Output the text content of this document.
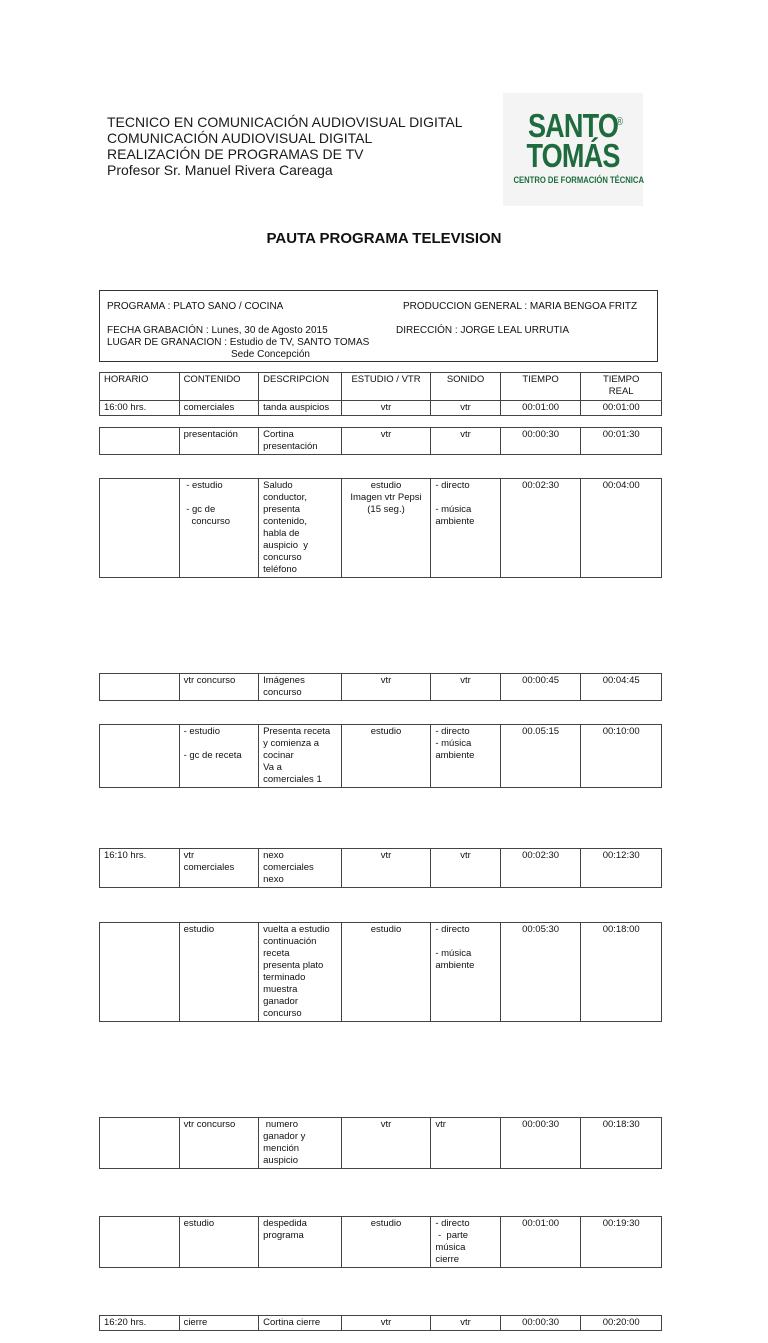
TECNICO EN COMUNICACIÓN AUDIOVISUAL DIGITAL
COMUNICACIÓN AUDIOVISUAL DIGITAL
REALIZACIÓN DE PROGRAMAS DE TV
Profesor Sr. Manuel Rivera Careaga
SANTO
®
TOMÁS
CENTRO DE FORMACIÓN TÉCNICA
PAUTA PROGRAMA TELEVISION
PROGRAMA : PLATO SANO / COCINA	PRODUCCION GENERAL : MARIA BENGOA FRITZ
FECHA GRABACIÓN : Lunes, 30 de Agosto 2015	DIRECCIÓN : JORGE LEAL URRUTIA
LUGAR DE GRANACION : Estudio de TV, SANTO TOMAS
Sede Concepción
HORARIO	CONTENIDO	DESCRIPCION	ESTUDIO / VTR	SONIDO	TIEMPO	TIEMPO
REAL
16:00 hrs.	comerciales	tanda auspicios	vtr	vtr	00:01:00	00:01:00
	presentación	Cortina
presentación	vtr	vtr	00:00:30	00:01:30
	- estudio

- gc de
concurso	Saludo
conductor,
presenta
contenido,
habla de
auspicio  y
concurso
teléfono	estudio
Imagen vtr Pepsi
(15 seg.)	- directo

- música
ambiente	00:02:30	00:04:00
	vtr concurso	Imágenes
concurso	vtr	vtr	00:00:45	00:04:45
	- estudio

- gc de receta	Presenta receta
y comienza a
cocinar
Va a
comerciales 1	estudio	- directo
- música
ambiente	00.05:15	00:10:00
16:10 hrs.	vtr
comerciales	nexo
comerciales
nexo	vtr	vtr	00:02:30	00:12:30
	estudio	vuelta a estudio
continuación
receta
presenta plato
terminado
muestra
ganador
concurso	estudio	- directo

- música
ambiente	00:05:30	00:18:00
	vtr concurso	numero
ganador y
mención
auspicio	vtr	vtr	00:00:30	00:18:30
	estudio	despedida
programa	estudio	- directo
-  parte
música
cierre	00:01:00	00:19:30
16:20 hrs.	cierre	Cortina cierre	vtr	vtr	00:00:30	00:20:00
